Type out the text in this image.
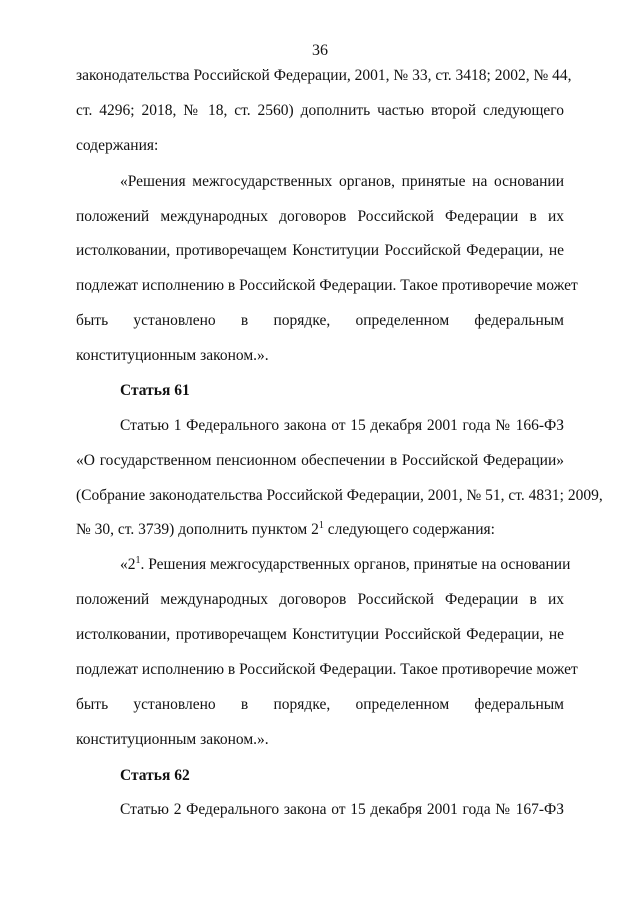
36
законодательства Российской Федерации, 2001, № 33, ст. 3418; 2002, № 44,
ст. 4296; 2018, № 18, ст. 2560) дополнить частью второй следующего
содержания:
«Решения межгосударственных органов, принятые на основании
положений международных договоров Российской Федерации в их
истолковании, противоречащем Конституции Российской Федерации, не
подлежат исполнению в Российской Федерации. Такое противоречие может
быть установлено в порядке, определенном федеральным
конституционным законом.».
Статья 61
Статью 1 Федерального закона от 15 декабря 2001 года № 166-ФЗ
«О государственном пенсионном обеспечении в Российской Федерации»
(Собрание законодательства Российской Федерации, 2001, № 51, ст. 4831; 2009,
№ 30, ст. 3739) дополнить пунктом $2^1$ следующего содержания:
«$2^1$. Решения межгосударственных органов, принятые на основании
положений международных договоров Российской Федерации в их
истолковании, противоречащем Конституции Российской Федерации, не
подлежат исполнению в Российской Федерации. Такое противоречие может
быть установлено в порядке, определенном федеральным
конституционным законом.».
Статья 62
Статью 2 Федерального закона от 15 декабря 2001 года № 167-ФЗ
